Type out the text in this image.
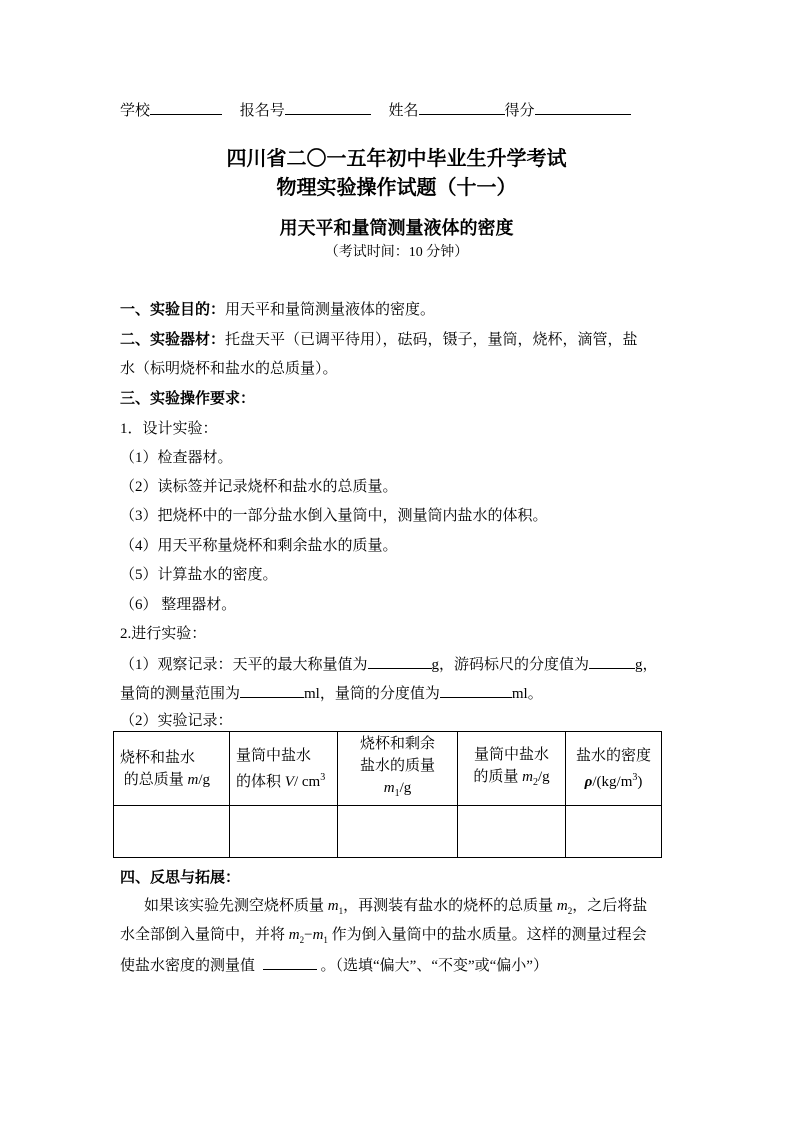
学校	报名号	姓名	得分
四川省二〇一五年初中毕业生升学考试
物理实验操作试题（十一）
用天平和量筒测量液体的密度
（考试时间：10 分钟）
一、实验目的：用天平和量筒测量液体的密度。
二、实验器材：托盘天平（已调平待用），砝码，镊子，量筒，烧杯，滴管，盐
水（标明烧杯和盐水的总质量）。
三、实验操作要求：
1．设计实验：
（1）检查器材。
（2）读标签并记录烧杯和盐水的总质量。
（3）把烧杯中的一部分盐水倒入量筒中，测量筒内盐水的体积。
（4）用天平称量烧杯和剩余盐水的质量。
（5）计算盐水的密度。
（6） 整理器材。
2.进行实验：
（1）观察记录：天平的最大称量值为	g，游码标尺的分度值为	g，
量筒的测量范围为	ml，量筒的分度值为	ml。
（2）实验记录：
烧杯和盐水
的总质量 m/g	量筒中盐水
的体积 V/ $cm^3$	烧杯和剩余
盐水的质量
$m_1/g$	量筒中盐水
的质量 $m_2/g$	盐水的密度
$\rho/(kg/m^3)$

四、反思与拓展：
如果该实验先测空烧杯质量 $m_1$，再测装有盐水的烧杯的总质量 $m_2$，之后将盐
水全部倒入量筒中，并将 $m_2-m_1$ 作为倒入量筒中的盐水质量。这样的测量过程会
使盐水密度的测量值	。（选填“偏大”、“不变”或“偏小”）
